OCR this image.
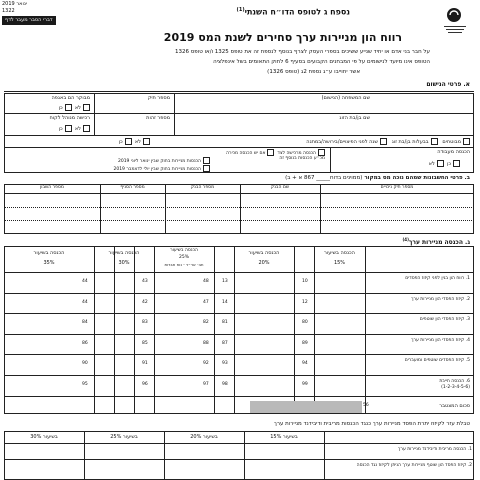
2019 ינואר
1322
דברי הסבר מעבר לדף
נספח ג לטופס הדו״ח השנתי$^{(1)}$
רווח הון מניירות ערך סחירים לשנת המס 2019
על חבר בני אדם או יחיד שנייע ששיכים בספרי העסק לצרף בנוסף לנספח זה את טופס 1325 ו/או טופס 1326
הטופס אינו מיועד לנישומים על פי המבחנים הקבועים בסעיף 6 לחוק התאומים בשל אינפלציה
אשר יחוייבו ע״ג נספח 2ג (טופס 1326)
א. פרטי הנישום
שם המשפחה (הנישום)
מספר תיק
מבוקר הם באגפה
לא  כן
שם בן/בת הזוג
מספר זהות
רכישה מנוהל לקוח
לא  כן
מבוטחים   בבעלות בן/בת זוג   שנה לפני הפיצויים/בירושה/במתנה
לא  כן
הכנסה מעבודה
כן  לא
הכנסה מרכישה לצד  אם יש הכנסה מכירה
מכ״ע הכנסות בנוסף זה
הכנסות מניירות בחוק שבין ינואר ליוני 2019
הכנסות מניירות בחוק שבין יולי לדצמבר 2019
ב. פרטי החשבונות שמהם נוכה מס במקור (ממוינים בדוח_____ 867 א + ב)
מספר השבון	מספר הסניף	מספר הבנק	שם הבנק	מספר תיק ניכויים
ג. הכנסה מניירות ערך$^{(4)}$
הכנסה בשיעור
35%
הכנסה בשיעור
30%
הכנסה בשיעור
25%
חב׳ אר״ר - נוח חברות
הכנסה בשיעור
20%
הכנסה בשיעור
15%
1. רווח הון בגין לפני קיזוז הפסדים
44	43	48	13	10
2. קיזוז הפסדי הון מניירות ערך
44	42	47	14	12
3. קיזוז הפסדי הון שוטפים
84	83	82	81	80
4. קיזוז הפסדי הון מניירות ערך
86	85	88	87	89
5. קיזוז הפסדים שוטפים ומועברים
90	91	92	93	94
6. הכנסה חייבת
95	96	97	98	99
(1-2-3-4-5-6)
56	סכום המצטבר
טבלת עזר לקיזוז יתרת הפסד מניירות ערך כנגד הכנסות מריבית ודיבידנד מניירות ערך
בשיעור 30%	בשיעור 25%	בשיעור 20%	בשיעור 15%
1. הכנסה מריבית ודיבידנד מניירות ערך
2. קיזוז הפסד הון שוטף מניירות ערך הניתן לקיזוז נגד הכנסה
